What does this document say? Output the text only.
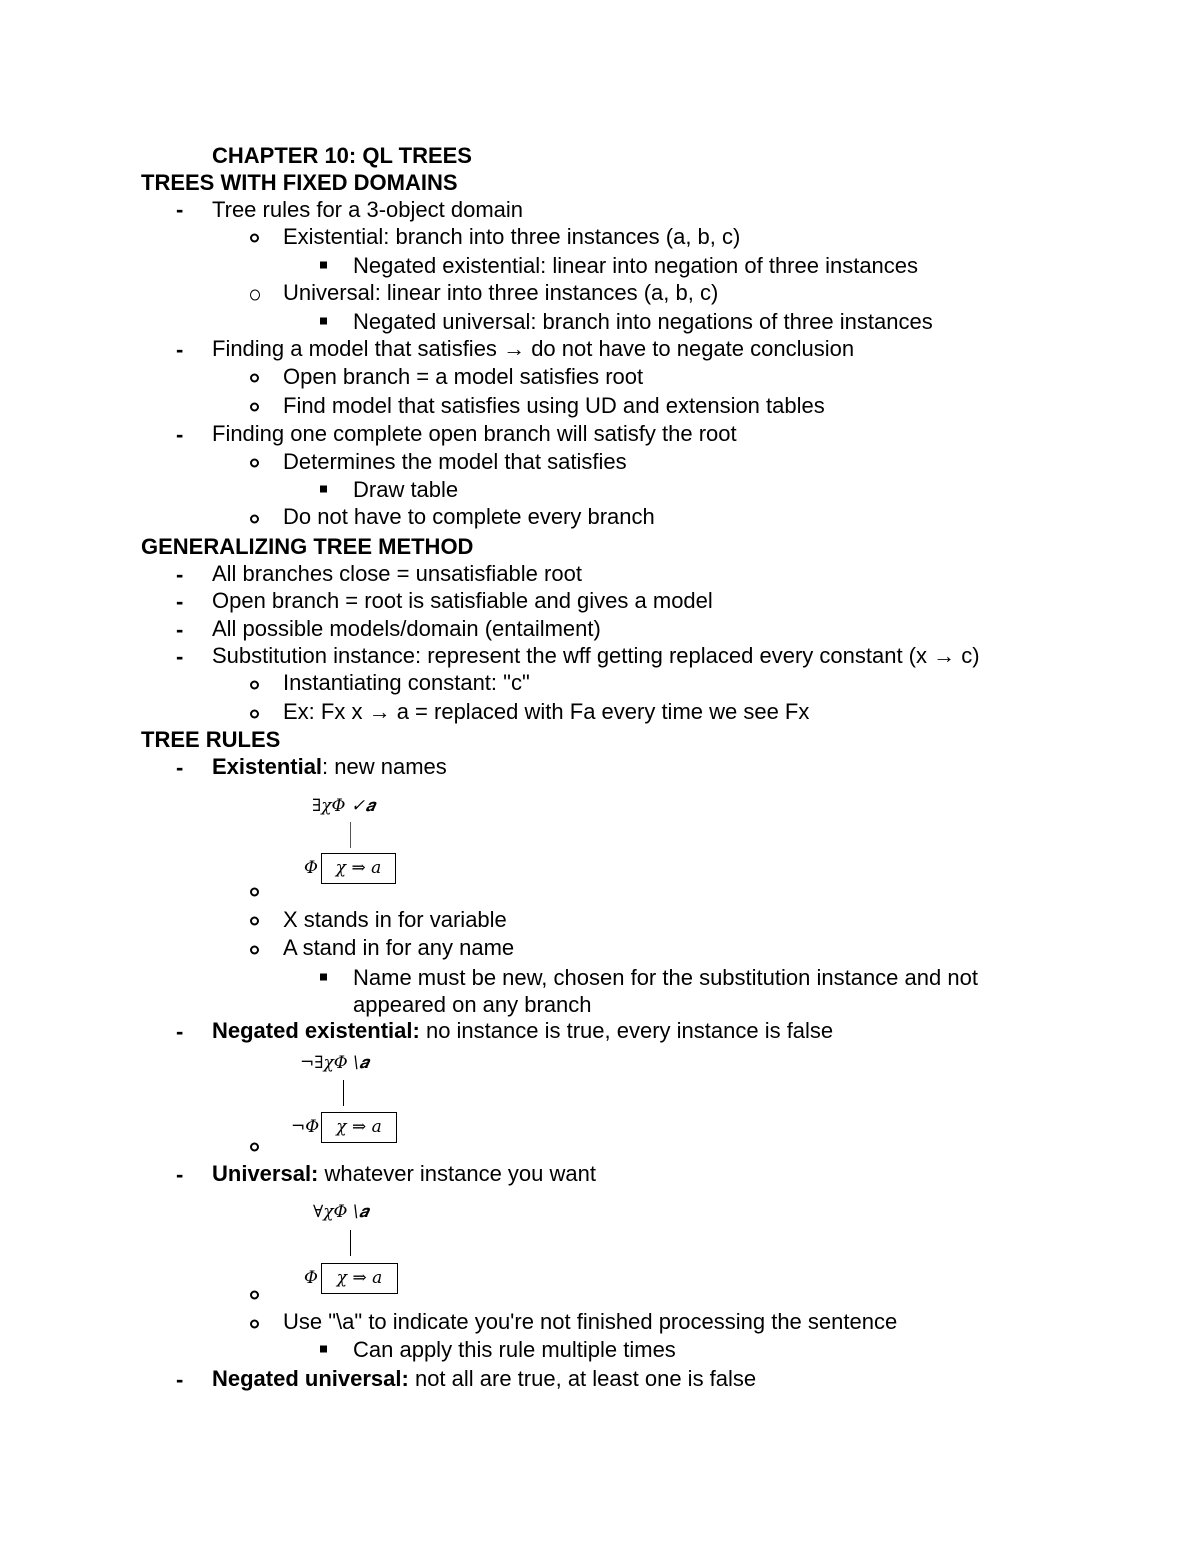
CHAPTER 10: QL TREES
TREES WITH FIXED DOMAINS
- Tree rules for a 3-object domain
Existential: branch into three instances (a, b, c)
Negated existential: linear into negation of three instances
Universal: linear into three instances (a, b, c)
Negated universal: branch into negations of three instances
- Finding a model that satisfies → do not have to negate conclusion
Open branch = a model satisfies root
Find model that satisfies using UD and extension tables
- Finding one complete open branch will satisfy the root
Determines the model that satisfies
Draw table
Do not have to complete every branch
GENERALIZING TREE METHOD
- All branches close = unsatisfiable root
- Open branch = root is satisfiable and gives a model
- All possible models/domain (entailment)
- Substitution instance: represent the wff getting replaced every constant (x → c)
Instantiating constant: "c"
Ex: Fx x → a = replaced with Fa every time we see Fx
TREE RULES
- Existential: new names
∃𝜒𝛷 ✓𝒂
𝛷	𝜒 ⇒ 𝑎
X stands in for variable
A stand in for any name
Name must be new, chosen for the substitution instance and not
appeared on any branch
- Negated existential: no instance is true, every instance is false
¬∃𝜒𝛷 \𝒂
¬𝛷	𝜒 ⇒ 𝑎
- Universal: whatever instance you want
∀𝜒𝛷 \𝒂
𝛷	𝜒 ⇒ 𝑎
Use "\a" to indicate you're not finished processing the sentence
Can apply this rule multiple times
- Negated universal: not all are true, at least one is false
